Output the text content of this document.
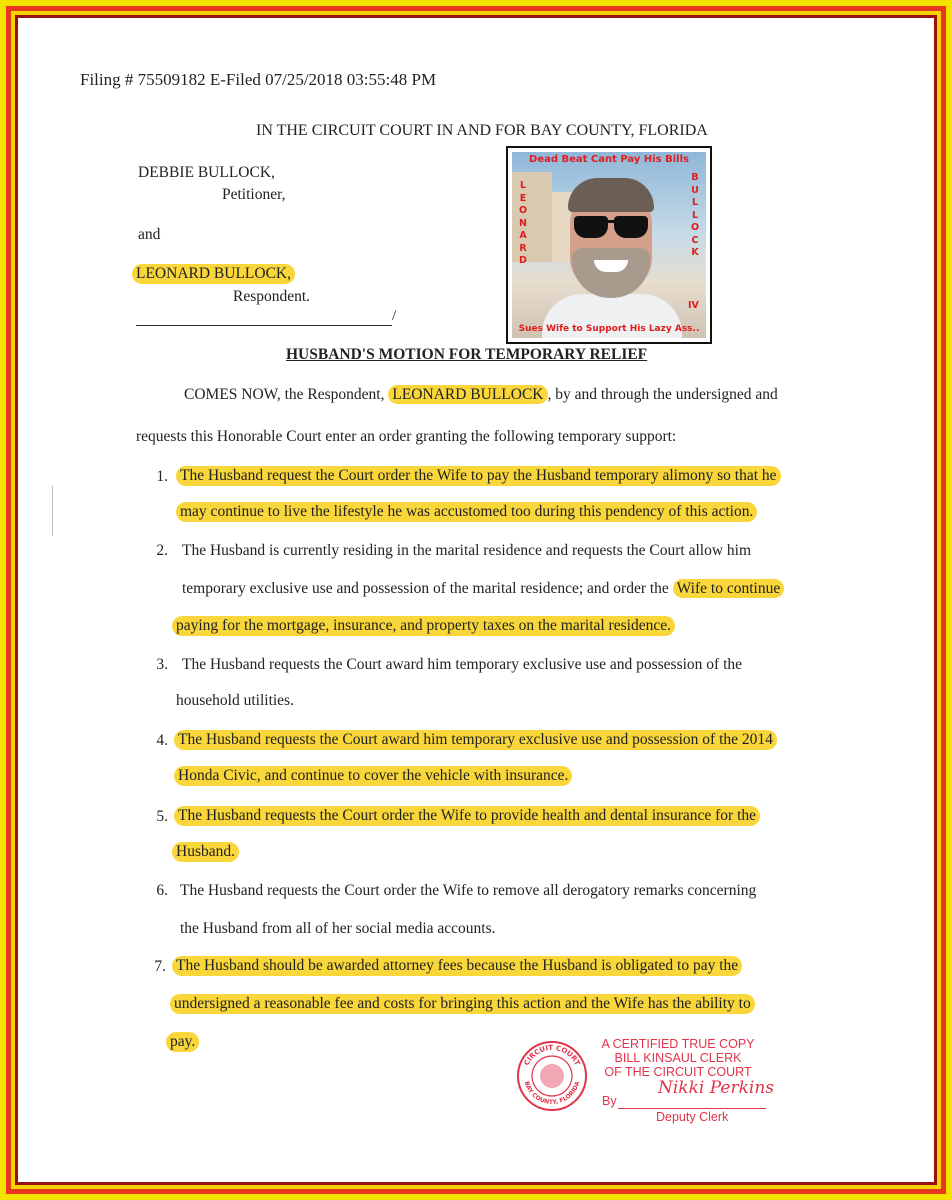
Filing # 75509182 E-Filed 07/25/2018 03:55:48 PM
IN THE CIRCUIT COURT IN AND FOR BAY COUNTY, FLORIDA
DEBBIE BULLOCK,
Petitioner,
and
LEONARD BULLOCK,
Respondent.
/
Dead Beat Cant Pay His Bills
LEONARD
BULLOCK
IV
Sues Wife to Support His Lazy Ass..
HUSBAND'S MOTION FOR TEMPORARY RELIEF
COMES NOW, the Respondent, LEONARD BULLOCK , by and through the undersigned and
requests this Honorable Court enter an order granting the following temporary support:
1. The Husband request the Court order the Wife to pay the Husband temporary alimony so that he
may continue to live the lifestyle he was accustomed too during this pendency of this action.
2. The Husband is currently residing in the marital residence and requests the Court allow him
temporary exclusive use and possession of the marital residence; and order the Wife to continue
paying for the mortgage, insurance, and property taxes on the marital residence.
3. The Husband requests the Court award him temporary exclusive use and possession of the
household utilities.
4. The Husband requests the Court award him temporary exclusive use and possession of the 2014
Honda Civic, and continue to cover the vehicle with insurance.
5. The Husband requests the Court order the Wife to provide health and dental insurance for the
Husband.
6. The Husband requests the Court order the Wife to remove all derogatory remarks concerning
the Husband from all of her social media accounts.
7. The Husband should be awarded attorney fees because the Husband is obligated to pay the
undersigned a reasonable fee and costs for bringing this action and the Wife has the ability to
pay.
CIRCUIT COURT
BAY COUNTY, FLORIDA
A CERTIFIED TRUE COPY
BILL KINSAUL CLERK
OF THE CIRCUIT COURT
By
Nikki Perkins
Deputy Clerk
